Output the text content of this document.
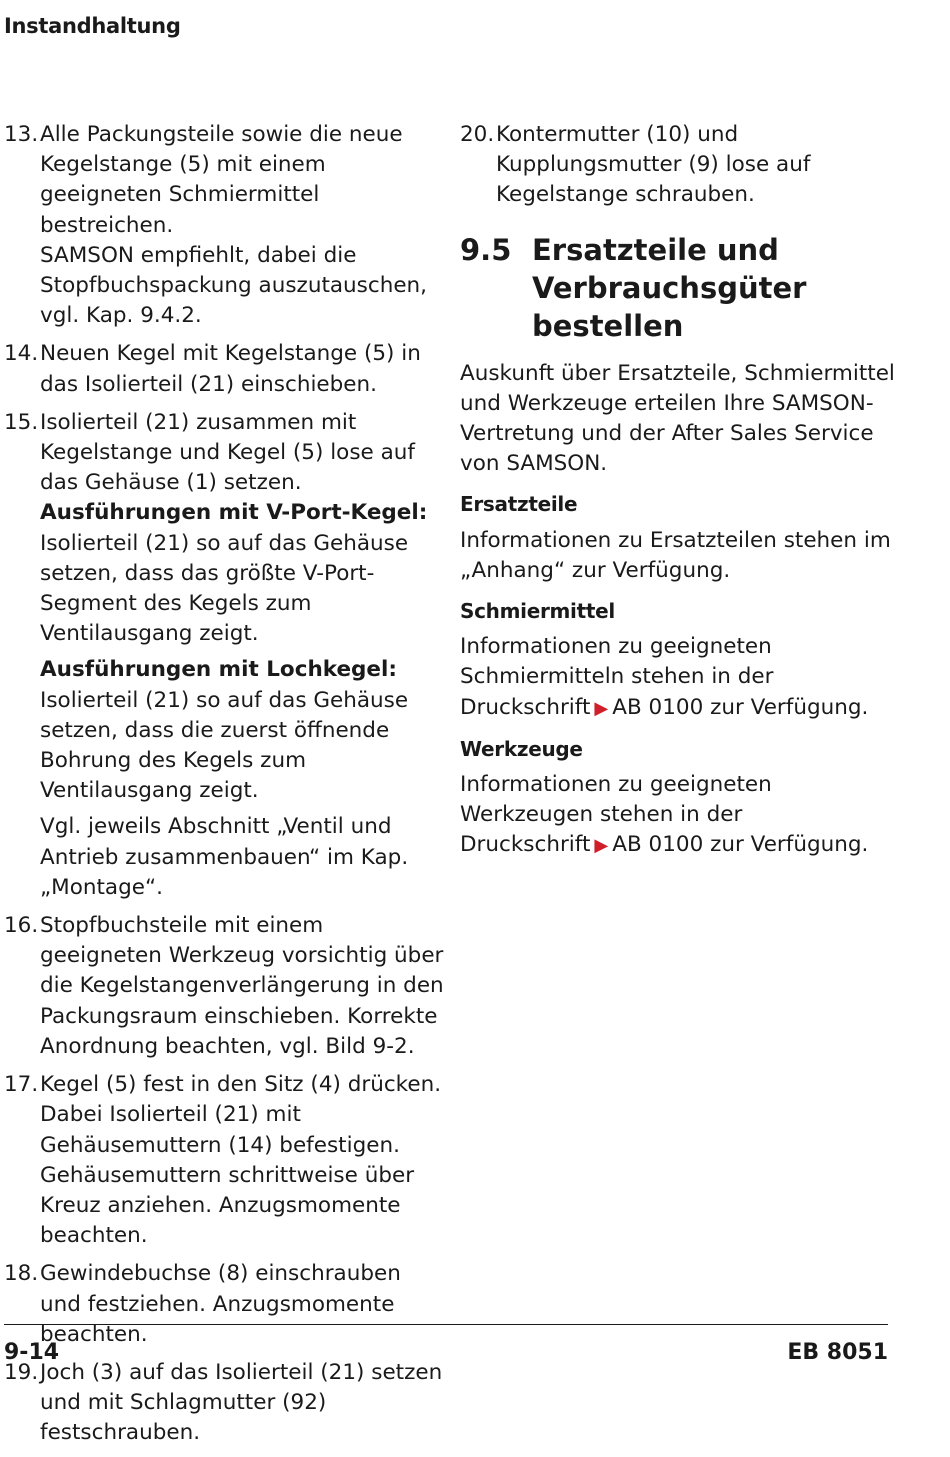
Instandhaltung
13. Alle Packungsteile sowie die neue Kegelstange (5) mit einem geeigneten Schmiermittel bestreichen.

SAMSON empfiehlt, dabei die Stopfbuchspackung auszutauschen, vgl. Kap. 9.4.2.

14. Neuen Kegel mit Kegelstange (5) in das Isolierteil (21) einschieben.

15. Isolierteil (21) zusammen mit Kegelstange und Kegel (5) lose auf das Gehäuse (1) setzen.

Ausführungen mit V-Port-Kegel: Isolierteil (21) so auf das Gehäuse setzen, dass das größte V-Port-Segment des Kegels zum Ventilausgang zeigt.

Ausführungen mit Lochkegel: Isolierteil (21) so auf das Gehäuse setzen, dass die zuerst öffnende Bohrung des Kegels zum Ventilausgang zeigt.

Vgl. jeweils Abschnitt „Ventil und Antrieb zusammenbauen“ im Kap. „Montage“.

16. Stopfbuchsteile mit einem geeigneten Werkzeug vorsichtig über die Kegelstangenverlängerung in den Packungsraum einschieben. Korrekte Anordnung beachten, vgl. Bild 9-2.

17. Kegel (5) fest in den Sitz (4) drücken. Dabei Isolierteil (21) mit Gehäusemuttern (14) befestigen. Gehäusemuttern schrittweise über Kreuz anziehen. Anzugsmomente beachten.

18. Gewindebuchse (8) einschrauben und festziehen. Anzugsmomente beachten.

19. Joch (3) auf das Isolierteil (21) setzen und mit Schlagmutter (92) festschrauben.

20. Kontermutter (10) und Kupplungsmutter (9) lose auf Kegelstange schrauben.

9.5 Ersatzteile und Verbrauchsgüter bestellen

Auskunft über Ersatzteile, Schmiermittel und Werkzeuge erteilen Ihre SAMSON-Vertretung und der After Sales Service von SAMSON.

Ersatzteile

Informationen zu Ersatzteilen stehen im „Anhang“ zur Verfügung.

Schmiermittel

Informationen zu geeigneten Schmiermitteln stehen in der Druckschrift ▶ AB 0100 zur Verfügung.

Werkzeuge

Informationen zu geeigneten Werkzeugen stehen in der Druckschrift ▶ AB 0100 zur Verfügung.

9-14	EB 8051
